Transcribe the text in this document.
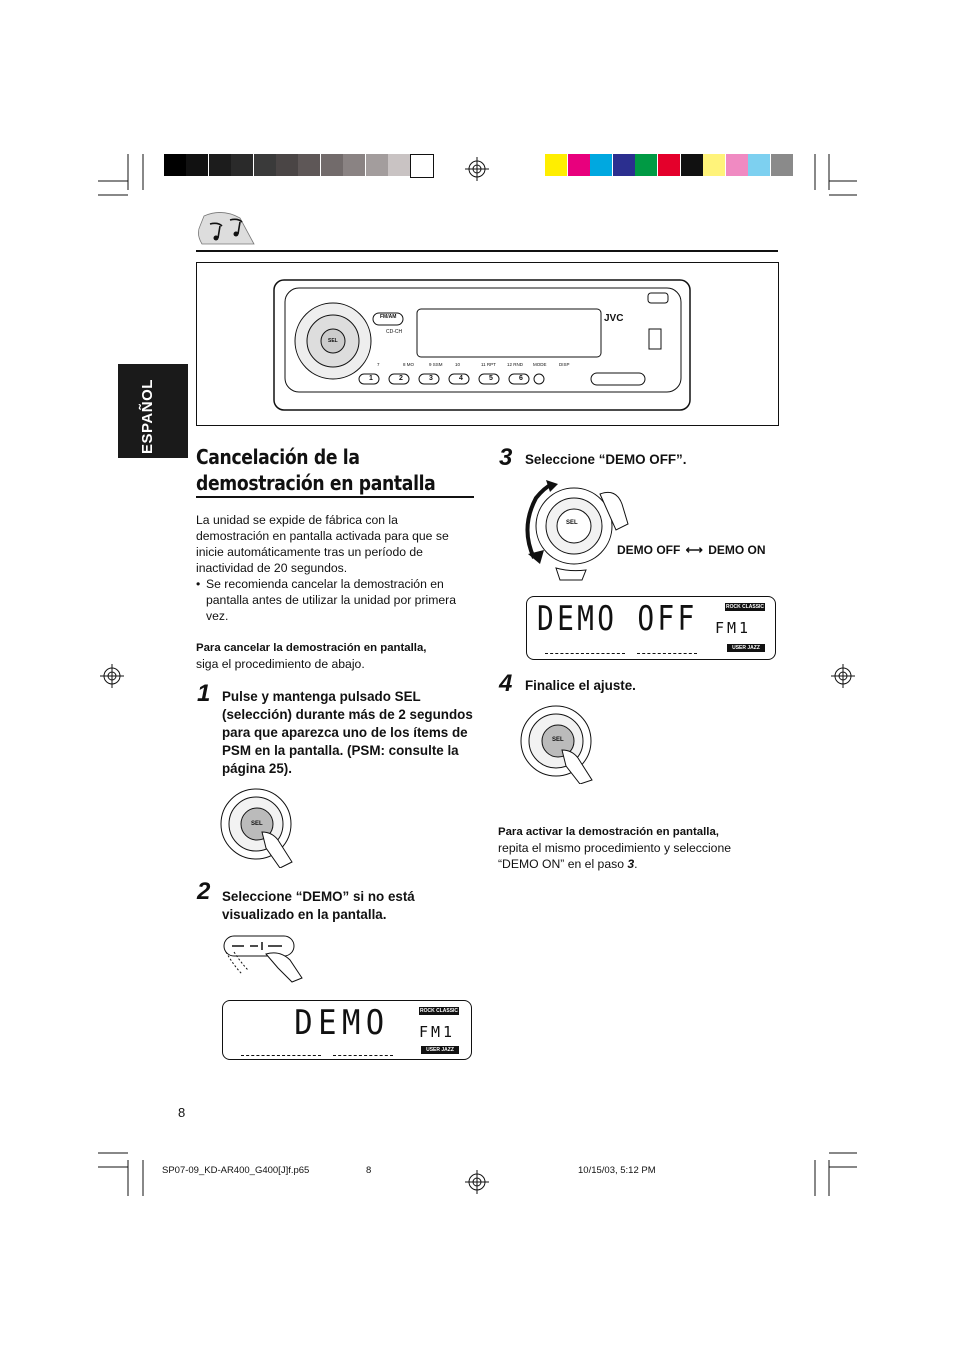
ESPAÑOL
JVC
FM/AM
CD-CH
SEL
7	8 MO	9 SSM	10	11 RPT 12 RND MODE	DISP
1	2	3	4	5	6
Cancelación de la
demostración en pantalla
La unidad se expide de fábrica con la demostración en pantalla activada para que se inicie automáticamente tras un período de inactividad de 20 segundos.
• Se recomienda cancelar la demostración en pantalla antes de utilizar la unidad por primera vez.
Para cancelar la demostración en pantalla,
siga el procedimiento de abajo.
1 Pulse y mantenga pulsado SEL (selección) durante más de 2 segundos para que aparezca uno de los ítems de PSM en la pantalla. (PSM: consulte la página 25).
SEL
2 Seleccione “DEMO” si no está visualizado en la pantalla.
DEMO FM1
ROCK CLASSIC
USER JAZZ
3 Seleccione “DEMO OFF”.
SEL
DEMO OFF ⟷ DEMO ON
DEMO OFF FM1
ROCK CLASSIC
USER JAZZ
4 Finalice el ajuste.
SEL
Para activar la demostración en pantalla,
repita el mismo procedimiento y seleccione “DEMO ON” en el paso 3.
8
SP07-09_KD-AR400_G400[J]f.p65	8	10/15/03, 5:12 PM
